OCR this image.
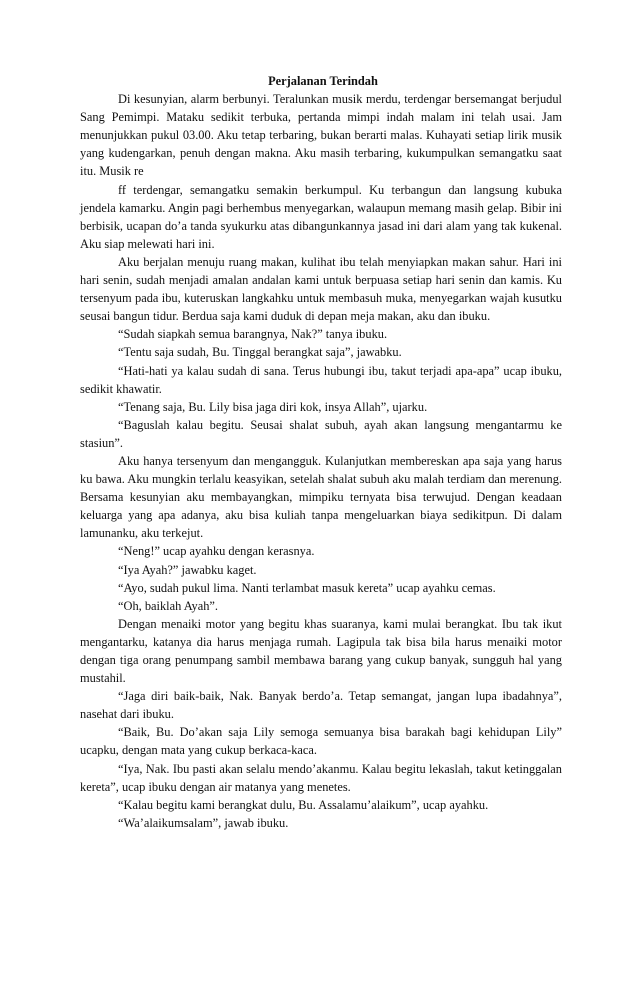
Perjalanan Terindah

Di kesunyian, alarm berbunyi. Teralunkan musik merdu, terdengar bersemangat berjudul Sang Pemimpi. Mataku sedikit terbuka, pertanda mimpi indah malam ini telah usai. Jam menunjukkan pukul 03.00. Aku tetap terbaring, bukan berarti malas. Kuhayati setiap lirik musik yang kudengarkan, penuh dengan makna. Aku masih terbaring, kukumpulkan semangatku saat itu. Musik re

ff terdengar, semangatku semakin berkumpul. Ku terbangun dan langsung kubuka jendela kamarku. Angin pagi berhembus menyegarkan, walaupun memang masih gelap. Bibir ini berbisik, ucapan do’a tanda syukurku atas dibangunkannya jasad ini dari alam yang tak kukenal. Aku siap melewati hari ini.

Aku berjalan menuju ruang makan, kulihat ibu telah menyiapkan makan sahur. Hari ini hari senin, sudah menjadi amalan andalan kami untuk berpuasa setiap hari senin dan kamis. Ku tersenyum pada ibu, kuteruskan langkahku untuk membasuh muka, menyegarkan wajah kusutku seusai bangun tidur. Berdua saja kami duduk di depan meja makan, aku dan ibuku.

“Sudah siapkah semua barangnya, Nak?” tanya ibuku.

“Tentu saja sudah, Bu. Tinggal berangkat saja”, jawabku.

“Hati-hati ya kalau sudah di sana. Terus hubungi ibu, takut terjadi apa-apa” ucap ibuku, sedikit khawatir.

“Tenang saja, Bu. Lily bisa jaga diri kok, insya Allah”, ujarku.

“Baguslah kalau begitu. Seusai shalat subuh, ayah akan langsung mengantarmu ke stasiun”.

Aku hanya tersenyum dan mengangguk. Kulanjutkan membereskan apa saja yang harus ku bawa. Aku mungkin terlalu keasyikan, setelah shalat subuh aku malah terdiam dan merenung. Bersama kesunyian aku membayangkan, mimpiku ternyata bisa terwujud. Dengan keadaan keluarga yang apa adanya, aku bisa kuliah tanpa mengeluarkan biaya sedikitpun. Di dalam lamunanku, aku terkejut.

“Neng!” ucap ayahku dengan kerasnya.

“Iya Ayah?” jawabku kaget.

“Ayo, sudah pukul lima. Nanti terlambat masuk kereta” ucap ayahku cemas.

“Oh, baiklah Ayah”.

Dengan menaiki motor yang begitu khas suaranya, kami mulai berangkat. Ibu tak ikut mengantarku, katanya dia harus menjaga rumah. Lagipula tak bisa bila harus menaiki motor dengan tiga orang penumpang sambil membawa barang yang cukup banyak, sungguh hal yang mustahil.

“Jaga diri baik-baik, Nak. Banyak berdo’a. Tetap semangat, jangan lupa ibadahnya”, nasehat dari ibuku.

“Baik, Bu. Do’akan saja Lily semoga semuanya bisa barakah bagi kehidupan Lily” ucapku, dengan mata yang cukup berkaca-kaca.

“Iya, Nak. Ibu pasti akan selalu mendo’akanmu. Kalau begitu lekaslah, takut ketinggalan kereta”, ucap ibuku dengan air matanya yang menetes.

“Kalau begitu kami berangkat dulu, Bu. Assalamu’alaikum”, ucap ayahku.

“Wa’alaikumsalam”, jawab ibuku.
